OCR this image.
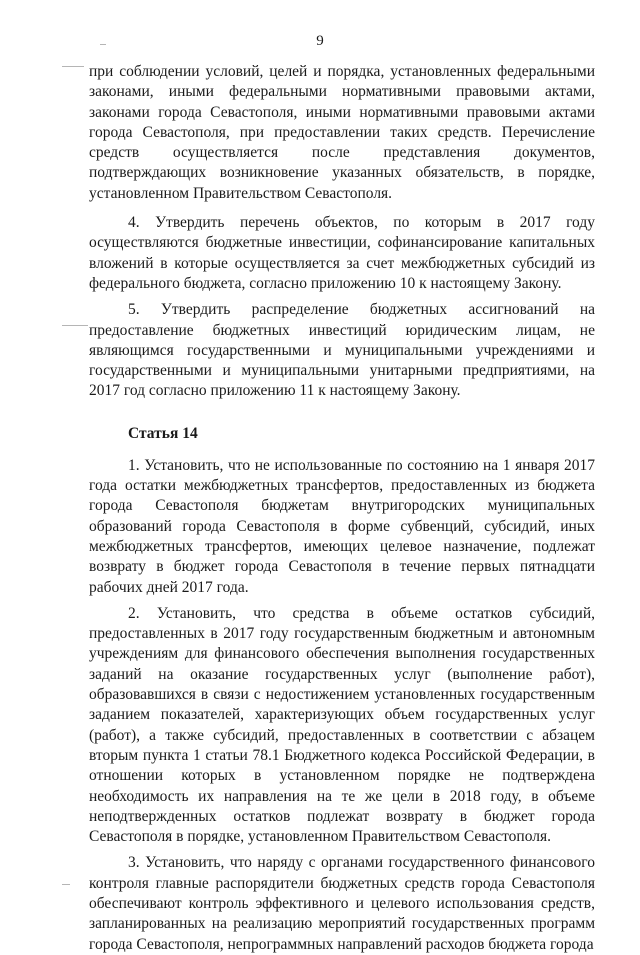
9

при соблюдении условий, целей и порядка, установленных федеральными законами, иными федеральными нормативными правовыми актами, законами города Севастополя, иными нормативными правовыми актами города Севастополя, при предоставлении таких средств. Перечисление средств осуществляется после представления документов, подтверждающих возникновение указанных обязательств, в порядке, установленном Правительством Севастополя.

4. Утвердить перечень объектов, по которым в 2017 году осуществляются бюджетные инвестиции, софинансирование капитальных вложений в которые осуществляется за счет межбюджетных субсидий из федерального бюджета, согласно приложению 10 к настоящему Закону.

5. Утвердить распределение бюджетных ассигнований на предоставление бюджетных инвестиций юридическим лицам, не являющимся государственными и муниципальными учреждениями и государственными и муниципальными унитарными предприятиями, на 2017 год согласно приложению 11 к настоящему Закону.

Статья 14

1. Установить, что не использованные по состоянию на 1 января 2017 года остатки межбюджетных трансфертов, предоставленных из бюджета города Севастополя бюджетам внутригородских муниципальных образований города Севастополя в форме субвенций, субсидий, иных межбюджетных трансфертов, имеющих целевое назначение, подлежат возврату в бюджет города Севастополя в течение первых пятнадцати рабочих дней 2017 года.

2. Установить, что средства в объеме остатков субсидий, предоставленных в 2017 году государственным бюджетным и автономным учреждениям для финансового обеспечения выполнения государственных заданий на оказание государственных услуг (выполнение работ), образовавшихся в связи с недостижением установленных государственным заданием показателей, характеризующих объем государственных услуг (работ), а также субсидий, предоставленных в соответствии с абзацем вторым пункта 1 статьи 78.1 Бюджетного кодекса Российской Федерации, в отношении которых в установленном порядке не подтверждена необходимость их направления на те же цели в 2018 году, в объеме неподтвержденных остатков подлежат возврату в бюджет города Севастополя в порядке, установленном Правительством Севастополя.

3. Установить, что наряду с органами государственного финансового контроля главные распорядители бюджетных средств города Севастополя обеспечивают контроль эффективного и целевого использования средств, запланированных на реализацию мероприятий государственных программ города Севастополя, непрограммных направлений расходов бюджета города
